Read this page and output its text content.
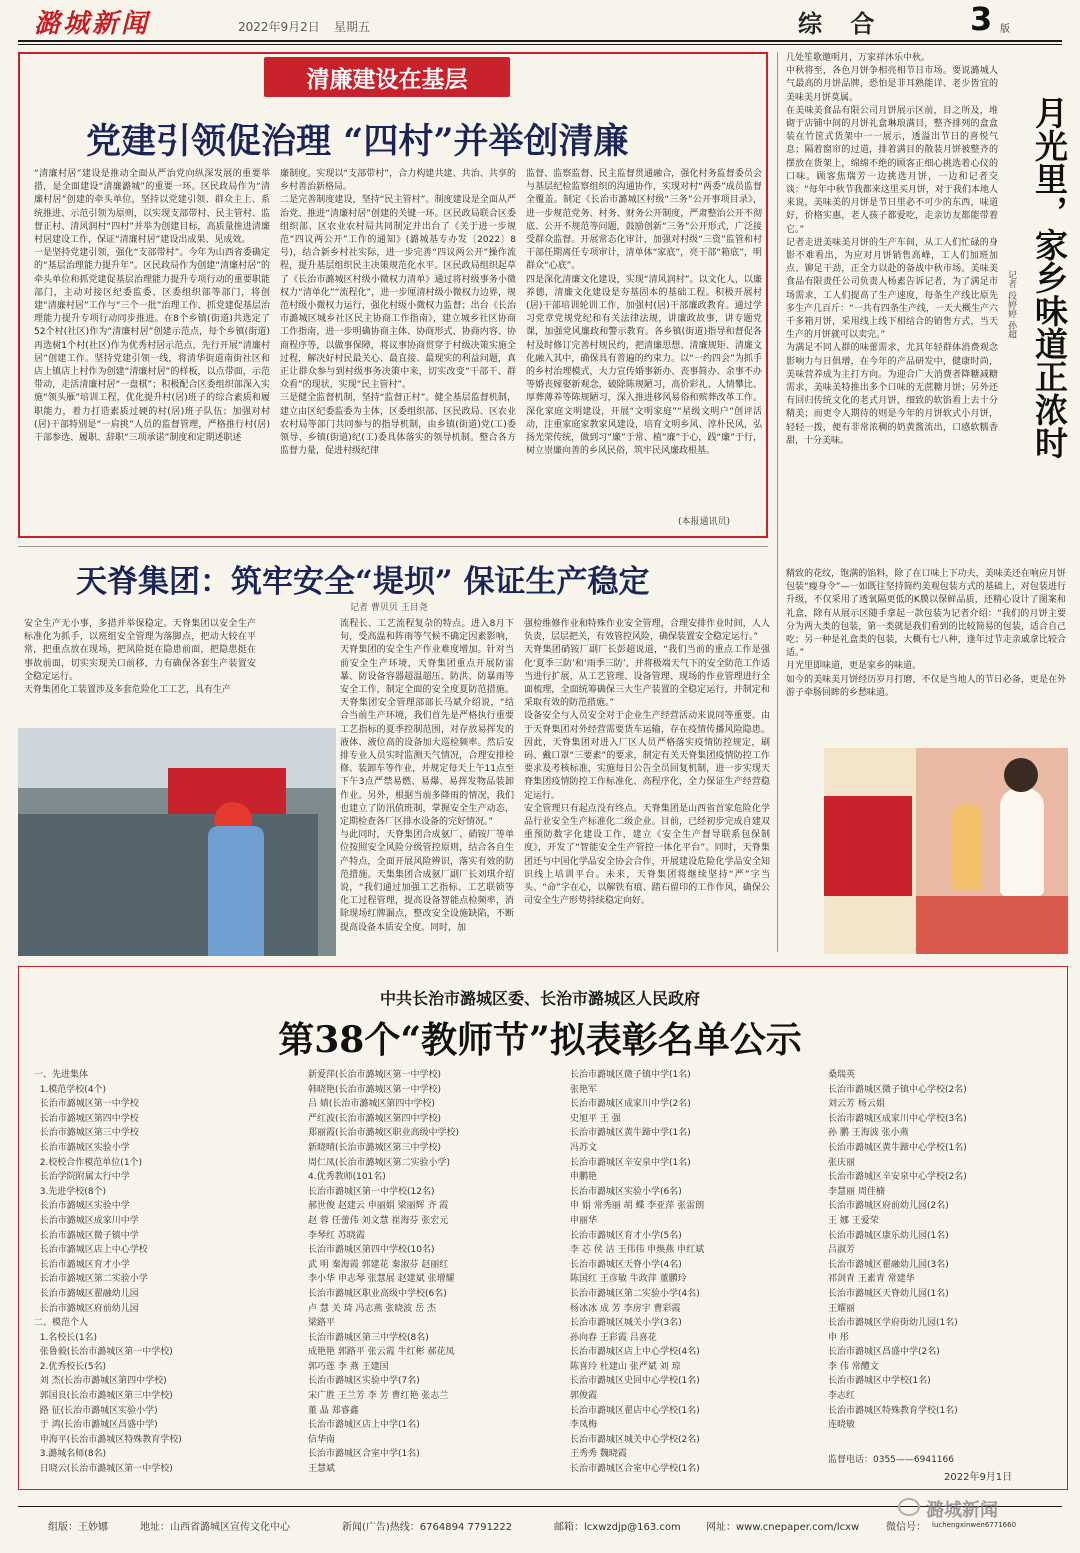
潞城新闻	2022年9月2日 星期五	综 合	3 版
清廉建设在基层
党建引领促治理 “四村”并举创清廉
“清廉村居”建设是推动全面从严治党向纵深发展的重要举措，是全面建设“清廉潞城”的重要一环。区民政局作为“清廉村居”创建的牵头单位，坚持以党建引领、群众主上、系统推进、示范引领为原则，以实现支部带村、民主管村、监督正村、清风润村“四村”并举为创建目标，高质量推进清廉村居建设工作，保证“清廉村居”建设出成果、见成效。
一是坚持党建引领，强化“支部带村”。今年为山西省委确定的“基层治理能力提升年”。区民政局作为创建“清廉村居”的牵头单位和抓党建促基层治理能力提升专项行动的重要职能部门，主动对接区纪委监委、区委组织部等部门，将创建“清廉村居”工作与“三个一批”治理工作、抓党建促基层治理能力提升专项行动同步推进。在8个乡镇(街道)共选定了52个村(社区)作为“清廉村居”创建示范点，每个乡镇(街道)再选树1个村(社区)作为优秀村居示范点，先行开展“清廉村居”创建工作。坚持党建引领一线，将清华街道南街社区和店上镇店上村作为创建“清廉村居”的样板，以点带面，示范带动，走活清廉村居“一盘棋”；积极配合区委组织部深入实施“领头雁”培训工程，优化提升村(居)班子的综合素质和履职能力，着力打造素质过硬的村(居)班子队伍；加强对村(居)干部特别是“一肩挑”人员的监督管理，严格推行村(居)干部参选、履职、辞职“三项承诺”制度和定期述职述
廉制度。实现以“支部带村”，合力构建共建、共治、共享的乡村善治新格局。
二是完善制度建设，坚持“民主管村”。制度建设是全面从严治党、推进“清廉村居”创建的关键一环。区民政局联合区委组织部、区农业农村局共同制定并出台了《关于进一步规范“四议两公开”工作的通知》(潞城基专办发〔2022〕8号)，结合新乡村社实际，进一步完善“四议两公开”操作流程，提升基层组织民主决策规范化水平。区民政局组织起草了《长治市潞城区村级小微权力清单》通过将村级事务小微权力“清单化”“流程化”，进一步厘清村级小微权力边界，规范村级小微权力运行，强化村级小微权力监督；出台《长治市潞城区城乡社区民主协商工作指南》，建立城乡社区协商工作指南，进一步明确协商主体、协商形式、协商内容、协商程序等，以做事保障，将议事协商贯穿于村级决策实施全过程，解决好村民最关心、最直接、最现实的利益问题，真正让群众参与到村级事务决策中来，切实改变“干部干、群众看”的现状，实现“民主管村”。
三是健全监督机制，坚持“监督正村”。健全基层监督机制，建立由区纪委监委为主体，区委组织部、区民政局、区农业农村局等部门共同参与的指导机制，由乡镇(街道)党(工)委领导、乡镇(街道)纪(工)委具体落实的领导机制。整合各方监督力量，促进村级纪律
监督、监察监督、民主监督贯通融合，强化村务监督委员会与基层纪检监察组织的沟通协作，实现对村“两委”成员监督全覆盖。制定《长治市潞城区村级“三务”公开事项目录》，进一步规范党务、村务、财务公开制度，严肃整治公开不彻底、公开不规范等问题，鼓励创新“三务”公开形式，广泛接受群众监督。开展常态化审计，加强对村级“三资”监管和村干部任期离任专项审计，清单体“家底”，亮干部“箱底”，明群众“心底”。
四是深化清廉文化建设，实现“清风润村”。以文化人，以廉养德，清廉文化建设是夯基固本的基础工程。积极开展村(居)干部培训轮训工作，加强村(居)干部廉政教育。通过学习党章党规党纪和有关法律法规，讲廉政故事，讲专题党课，加强党风廉政和警示教育。各乡镇(街道)指导和督促各村及时修订完善村规民约，把清廉思想、清廉规矩、清廉文化融入其中，确保具有普遍的约束力。以“一约四会”为抓手的乡村治理模式，大力宣传婚事新办、丧事简办、余事不办等婚丧嫁娶新观念，破除陈规陋习，高价彩礼、人情攀比、厚葬薄养等陈规陋习，深入推进移风易俗和殡葬改革工作。深化家庭文明建设，开展“文明家庭”“星级文明户”创评活动，注重家庭家教家风建设，培育文明乡风、淳朴民风，弘扬光荣传统，做到习“廉”于常、植“廉”于心，践“廉”于行，树立崇廉向善的乡风民俗，筑牢民风廉政根基。
(本报通讯员)
几处笙歌邀明月，万家祥沐乐中秋。
中秋将至，各色月饼争相亮相节日市场。要说潞城人气最高的月饼品牌，恐怕是非耳熟能详、老少皆宜的美味美月饼莫属。
在美味美食品有限公司月饼展示区前，目之所及，堆砌于店铺中间的月饼礼盒琳琅满目，整齐排列的盒盒装在竹筐式货架中一一展示，透溢出节日的喜悦气息；隔着窗帘的过道，排着满目的散装月饼被整齐的摆放在货架上，绵绵不绝的顾客正细心挑选着心仪的口味。顾客焦瑞芳一边挑选月饼，一边和记者交谈：“每年中秋节我都来这里买月饼，对于我们本地人来说，美味美的月饼是节日里必不可少的东西，味道好，价格实惠，老人孩子都爱吃，走亲访友都能带着它。”
记者走进美味美月饼的生产车间，从工人们忙碌的身影不难看出，为应对月饼销售高峰，工人们加班加点、铆足干劲，正全力以赴的备战中秋市场。美味美食品有限责任公司负责人杨素告诉记者，为了满足市场需求，工人们提高了生产速度，每条生产线比原先多生产几百斤：“一共有四条生产线，一天大概生产六千多箱月饼，采用线上线下相结合的销售方式，当天生产的月饼就可以卖完。”
为满足不同人群的味蕾需求，尤其年轻群体消费观念影响力与日俱增，在今年的产品研发中，健康时尚，美味营养成为主打方向。为迎合广大消费者降糖减糖需求，美味美特推出多个口味的无蔗糖月饼；另外还有回归传统文化的老式月饼，细致的软馅看上去十分精美；而更令人期待的则是今年的月饼软式小月饼，轻轻一拨，便有非常浓稠的奶黄酱流出，口感软糯香甜，十分美味。	月光里，家乡味道正浓时
记者 段婷婷 孙超
精致的花纹，饱满的馅料，除了在口味上下功夫，美味美还在响应月饼包装“瘦身令”—一如既往坚持简约美观包装方式的基础上，对包装进行升级，不仅采用了透氧隔更低的K膜以保鲜品质，还精心设计了图案和礼盒，除有从展示区随手拿起一款包装为记者介绍：“我们的月饼主要分为两大类的包装，第一类就是我们看到的比较简易的包装，适合自己吃；另一种是礼盒类的包装，大概有七八种，逢年过节走亲戚拿比较合适。”
月光里即味道，更是家乡的味道。
如今的美味美月饼经历岁月打磨，不仅是当地人的节日必备，更是在外游子牵肠回眸的乡愁味道。
天脊集团：筑牢安全“堤坝” 保证生产稳定
记者 曹贝贝 王目尧
安全生产无小事，多措并举保稳定。天脊集团以安全生产标准化为抓手，以班组安全管理为落脚点，把动大较在平常，把重点放在现场，把风险挺在隐患前面，把隐患挺在事故前面，切实实现关口前移，力有确保各套生产装置安全稳定运行。
天脊集团化工装置涉及多套危险化工工艺，具有生产
流程长、工艺流程复杂的特点。进入8月下旬，受高温和阵雨等气候不确定因素影响，天脊集团的安全生产作业难度增加。针对当前安全生产环境，天脊集团重点开展防雷暴、防设备容器超温超压、防洪、防暴雨等安全工作，制定全面的安全度夏防范措施。天脊集团安全管理部部长马斌介绍说，“结合当前生产环境，我们首先是严格执行重要工艺指标的夏季控制范围，对存放易挥发的液体、液位高的设备加大巡检频率。然后安排专业人员实时监测天气情况，合理安排检修、装卸车等作业，并规定每天上午11点至下午3点严禁易燃、易爆、易挥发物品装卸作业。另外，根据当前多降雨的情况，我们也建立了防汛值班制，掌握安全生产动态，定期检查各厂区排水设备的完好情况。”
与此同时，天脊集团合成氨厂、硝铵厂等单位按照安全风险分级管控原则，结合各自生产特点，全面开展风险辨识，落实有效的防范措施。天集集团合成氨厂副厂长刘琪介绍说，“我们通过加强工艺指标、工艺联锁等化工过程管理，提高设备智能点检频率，消除现场红牌漏点，整改安全设施缺陷，不断提高设备本质安全度。同时，加
强检维修作业和特殊作业安全管理，合理安排作业时间，人人负责，层层把关，有效管控风险，确保装置安全稳定运行。”
天脊集团硝铵厂副厂长彭超说道，“我们当前的重点工作是强化‘夏季三防’和‘雨季三防’，并将极端天气下的安全防范工作适当进行扩展，从工艺管理、设备管理、现场的作业管理进行全面梳理，全面统筹确保三大生产装置的全稳定运行，并制定和采取有效的防范措施。”
设备安全与人员安全对于企业生产经营活动来说同等重要。由于天脊集团对外经营需要货车运输，存在疫情传播风险隐患。因此，天脊集团对进入厂区人员严格落实疫情防控规定，刷码、戴口罩“三要素”的要求，制定有关天脊集团疫情防控工作要求及考核标准，实施每日公告全员回复机制，进一步实现天脊集团疫情防控工作标准化、高程序化，全力保证生产经营稳定运行。
安全管理只有起点没有终点。天脊集团是山西省首家危险化学品行业安全生产标准化二级企业。目前，已经初步完成自建双重预防数字化建设工作，建立《安全生产督导联系包保制度》，开发了“智能安全生产管控一体化平台”。同时，天脊集团还与中国化学品安全协会合作，开展建设危险化学品安全知识线上培训平台。未来，天脊集团将继续坚持“严”字当头、“命”字在心，以解铁有痕、踏石留印的工作作风，确保公司安全生产形势持续稳定向好。
中共长治市潞城区委、长治市潞城区人民政府
第38个“教师节”拟表彰名单公示
一、先进集体
1.模范学校(4个)
长治市潞城区第一中学校
长治市潞城区第四中学校
长治市潞城区第三中学校
长治市潞城区实验小学
2.校校合作模范单位(1个)
长治学院附属太行中学
3.先进学校(8个)
长治市潞城区实验中学
长治市潞城区成家川中学
长治市潞城区微子镇中学
长治市潞城区店上中心学校
长治市潞城区育才小学
长治市潞城区第二实验小学
长治市潞城区翟融幼儿园
长治市潞城区府前幼儿园
二、模范个人
1.名校长(1名)
张鲁毅(长治市潞城区第一中学校)
2.优秀校长(5名)
刘 杰(长治市潞城区第四中学校)
郭国良(长治市潞城区第三中学校)
路 征(长治市潞城区实验小学)
于 鸿(长治市潞城区昌盛中学)
申海平(长治市潞城区特殊教育学校)
3.潞城名师(8名)
日晓云(长治市潞城区第一中学校)
新爱萍(长治市潞城区第一中学校)
韩晓艳(长治市潞城区第一中学校)
吕 婧(长治市潞城区第四中学校)
严红波(长治市潞城区第四中学校)
郑丽霞(长治市潞城区职业高级中学校)
新晓晴(长治市潞城区第三中学校)
周仁凤(长治市潞城区第二实验小学)
4.优秀教师(101名)
长治市潞城区第一中学校(12名)
郝世俊 赵建云 申丽娟 梁丽辉 齐 霞
赵 蓉 任蕾伟 刘文慧 崔海芬 张宏元
李琴红 苏晓霞
长治市潞城区第四中学校(10名)
武 明 秦海霞 郭建花 秦淑芬 赵丽红
李小华 申志琴 张慧展 赵建斌 张增耀
长治市潞城区职业高级中学校(6名)
卢 慧 关 琦 冯志燕 张晓波 岳 杰
梁路平
长治市潞城区第三中学校(8名)
成艳艳 郭路平 张云霞 牛红彬 郝花凤
郭巧莲 李 燕 王建国
长治市潞城区实验中学(7名)
宋广胜 王兰芳 李 芳 曹红艳 张志兰
董 晶 郑睿鑫
长治市潞城区店上中学(1名)
信华南
长治市潞城区合室中学(1名)
王慧斌
长治市潞城区微子镇中学(1名)
张艳军
长治市潞城区成家川中学(2名)
史旭平 王 强
长治市潞城区黄牛蹄中学(1名)
冯苏文
长治市潞城区辛安泉中学(1名)
申鹏艳
长治市潞城区实验小学(6名)
申 娟 常秀丽 胡 蝶 李亚萍 张雷朗
申丽华
长治市潞城区育才小学(5名)
李 芯 侯 洁 王伟伟 申焕燕 申红斌
长治市潞城区天脊小学(4名)
陈国红 王彦敏 牛政萍 董鹏玲
长治市潞城区第二实验小学(4名)
杨冰冰 成 芳 李房宇 曹彩霞
长治市潞城区城关小学(3名)
孙向春 王彩霞 吕喜花
长治市潞城区店上中心学校(4名)
陈喜玲 杜建山 张严斌 刘 琼
长治市潞城区史回中心学校(1名)
郭俊霞
长治市潞城区翟店中心学校(1名)
李凤梅
长治市潞城区城关中心学校(2名)
王秀秀 魏晓霞
长治市潞城区合室中心学校(1名)
桑瑞英
长治市潞城区微子镇中心学校(2名)
刘云芳 杨云娟
长治市潞城区成家川中心学校(3名)
孙 鹏 王海波 张小燕
长治市潞城区黄牛蹄中心学校(1名)
张庆丽
长治市潞城区辛安泉中心学校(2名)
李慧丽 周佳楠
长治市潞城区府前幼儿园(2名)
王 娜 王爱荣
长治市潞城区康乐幼儿园(1名)
吕淑芳
长治市潞城区翟融幼儿园(3名)
祁剑青 王素青 常建华
长治市潞城区天脊幼儿园(1名)
王耀丽
长治市潞城区学府街幼儿园(1名)
申 彤
长治市潞城区昌盛中学(2名)
李 伟 常醴文
长治市潞城区中学校(1名)
李志红
长治市潞城区特殊教育学校(1名)
连晓敏
监督电话：0355——6941166
2022年9月1日
组版：王妙娜	地址：山西省潞城区宣传文化中心	新闻(广告)热线：6764894 7791222	邮箱：lcxwzdjp@163.com	网址：www.cnepaper.com/lcxw	微信号： luchengxinwen6771660
潞城新闻
